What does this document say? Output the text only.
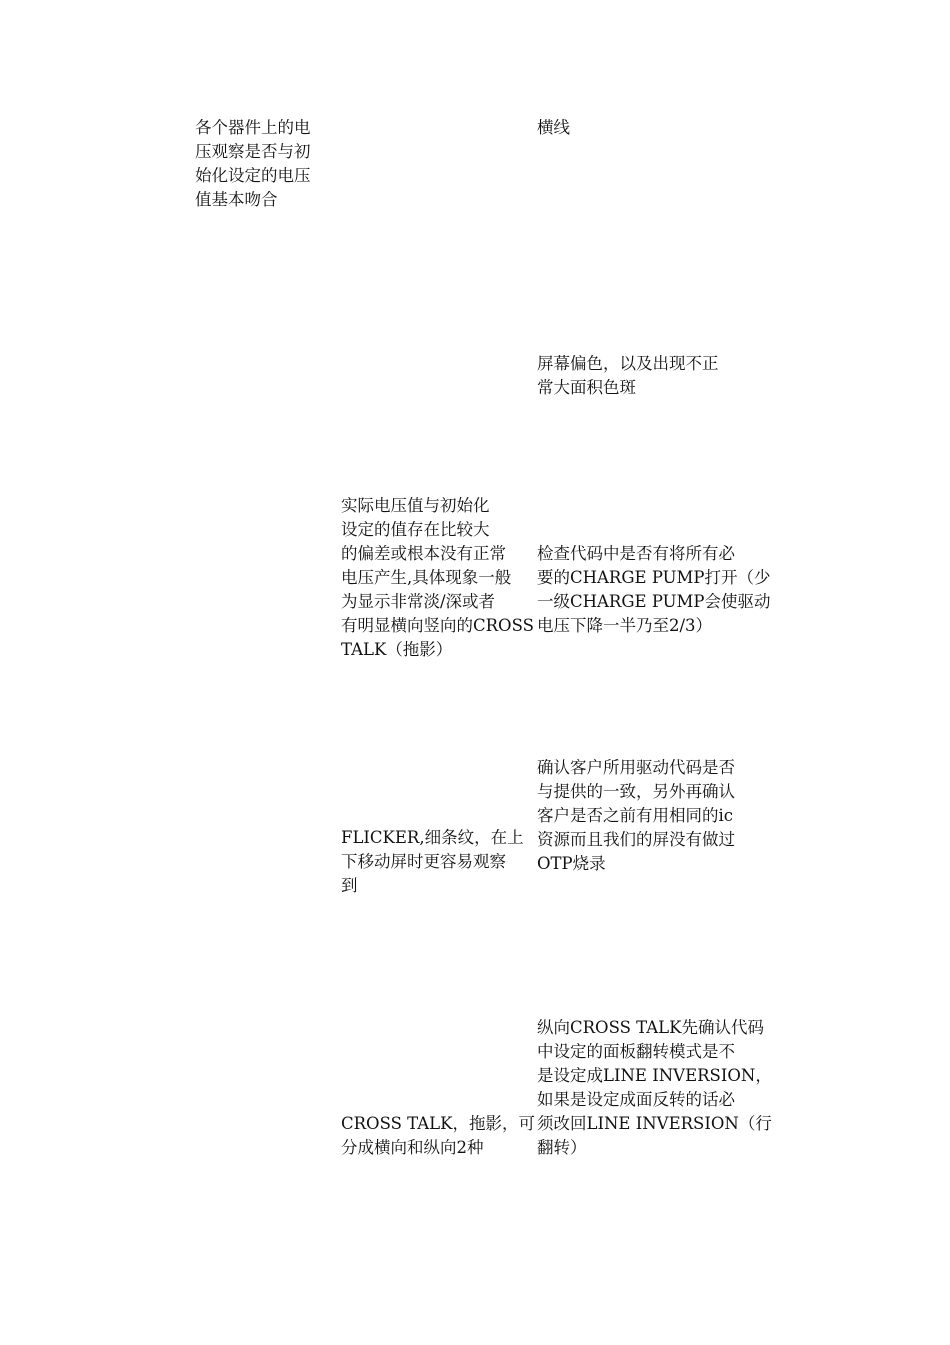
各个器件上的电
压观察是否与初
始化设定的电压
值基本吻合
横线
屏幕偏色，以及出现不正
常大面积色斑
实际电压值与初始化
设定的值存在比较大
的偏差或根本没有正常
电压产生,具体现象一般
为显示非常淡/深或者
有明显横向竖向的CROSS
TALK（拖影）
检查代码中是否有将所有必
要的CHARGE PUMP打开（少
一级CHARGE PUMP会使驱动
电压下降一半乃至2/3）
确认客户所用驱动代码是否
与提供的一致，另外再确认
客户是否之前有用相同的ic
资源而且我们的屏没有做过
OTP烧录
FLICKER,细条纹，在上
下移动屏时更容易观察
到
纵向CROSS TALK先确认代码
中设定的面板翻转模式是不
是设定成LINE INVERSION，
如果是设定成面反转的话必
须改回LINE INVERSION（行
翻转）
CROSS TALK，拖影，可
分成横向和纵向2种
